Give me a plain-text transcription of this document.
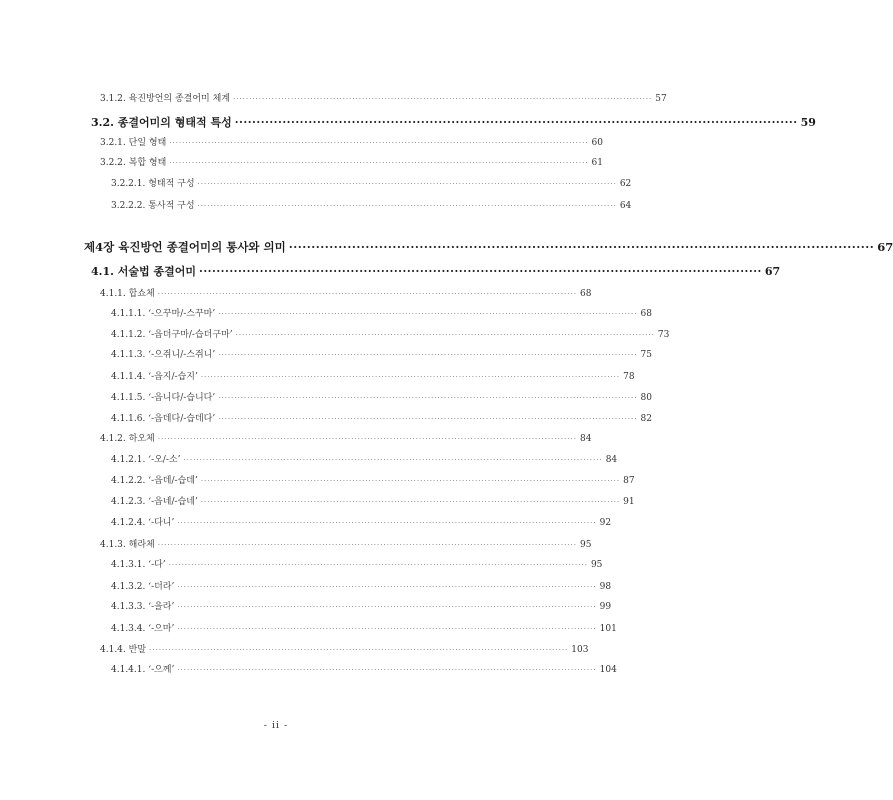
3.1.2. 육진방언의 종결어미 체계 ·································································································································· 57
3.2. 종결어미의 형태적 특성 ·································································································································· 59
3.2.1. 단일 형태 ·································································································································· 60
3.2.2. 복합 형태 ·································································································································· 61
3.2.2.1. 형태적 구성 ·································································································································· 62
3.2.2.2. 통사적 구성 ·································································································································· 64
제4장 육진방언 종결어미의 통사와 의미 ·································································································································· 67
4.1. 서술법 종결어미 ·································································································································· 67
4.1.1. 합쇼체 ·································································································································· 68
4.1.1.1. ‘-으꾸마/-스꾸마’ ·································································································································· 68
4.1.1.2. ‘-읍더구마/-습더구마’ ·································································································································· 73
4.1.1.3. ‘-으쥐니/-스쥐니’ ·································································································································· 75
4.1.1.4. ‘-읍지/-습지’ ·································································································································· 78
4.1.1.5. ‘-읍니다/-습니다’ ·································································································································· 80
4.1.1.6. ‘-읍데다/-습데다’ ·································································································································· 82
4.1.2. 하오체 ·································································································································· 84
4.1.2.1. ‘-오/-소’ ·································································································································· 84
4.1.2.2. ‘-읍데/-습데’ ·································································································································· 87
4.1.2.3. ‘-읍네/-습네’ ·································································································································· 91
4.1.2.4. ‘-다니’ ·································································································································· 92
4.1.3. 해라체 ·································································································································· 95
4.1.3.1. ‘-다’ ·································································································································· 95
4.1.3.2. ‘-더라’ ·································································································································· 98
4.1.3.3. ‘-을라’ ·································································································································· 99
4.1.3.4. ‘-으마’ ·································································································································· 101
4.1.4. 반말 ·································································································································· 103
4.1.4.1. ‘-으께’ ·································································································································· 104
- ii -
